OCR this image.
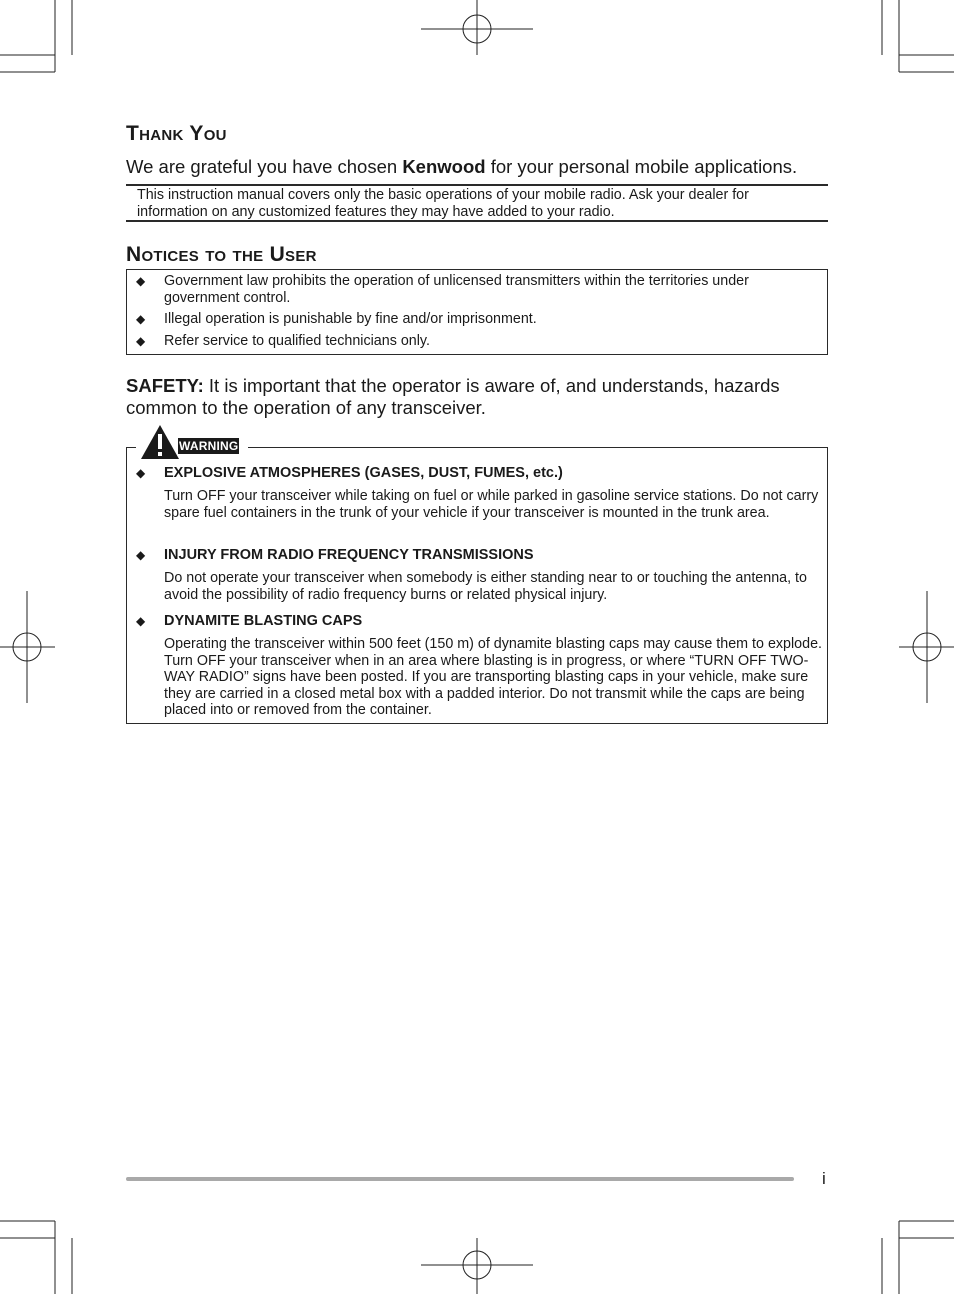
Thank You

We are grateful you have chosen Kenwood for your personal mobile applications.

This instruction manual covers only the basic operations of your mobile radio. Ask your dealer for information on any customized features they may have added to your radio.

Notices to the User
◆ Government law prohibits the operation of unlicensed transmitters within the territories under government control.

◆ Illegal operation is punishable by fine and/or imprisonment.

◆ Refer service to qualified technicians only.

SAFETY: It is important that the operator is aware of, and understands, hazards common to the operation of any transceiver.

◆ EXPLOSIVE ATMOSPHERES (GASES, DUST, FUMES, etc.)

Turn OFF your transceiver while taking on fuel or while parked in gasoline service stations. Do not carry spare fuel containers in the trunk of your vehicle if your transceiver is mounted in the trunk area.

◆ INJURY FROM RADIO FREQUENCY TRANSMISSIONS

Do not operate your transceiver when somebody is either standing near to or touching the antenna, to avoid the possibility of radio frequency burns or related physical injury.

◆ DYNAMITE BLASTING CAPS

Operating the transceiver within 500 feet (150 m) of dynamite blasting caps may cause them to explode. Turn OFF your transceiver when in an area where blasting is in progress, or where “TURN OFF TWO-WAY RADIO” signs have been posted. If you are transporting blasting caps in your vehicle, make sure they are carried in a closed metal box with a padded interior. Do not transmit while the caps are being placed into or removed from the container.

WARNING
i
